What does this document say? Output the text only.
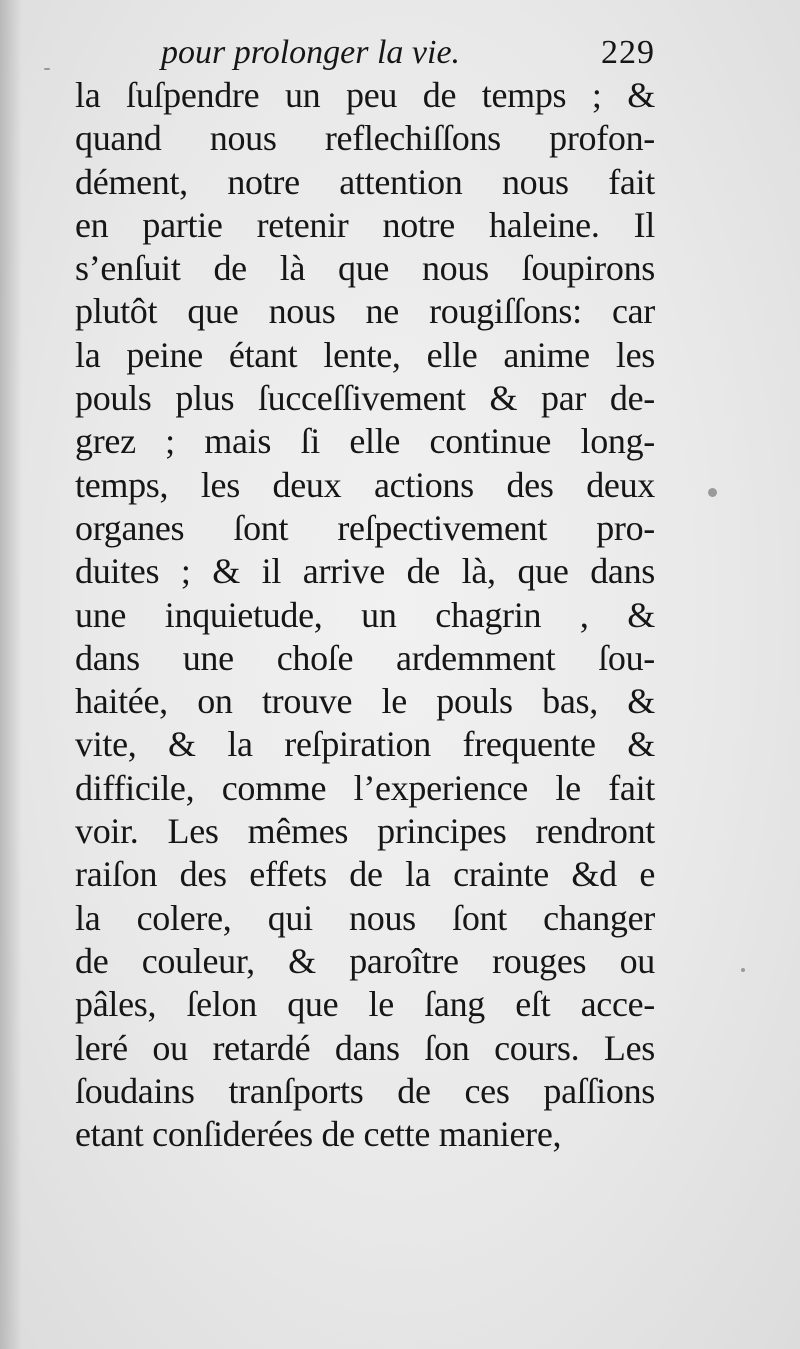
pour prolonger la vie.	229
la ſuſpendre un peu de temps ; &
quand nous reflechiſſons profon-
dément, notre attention nous fait
en partie retenir notre haleine. Il
s’enſuit de là que nous ſoupirons
plutôt que nous ne rougiſſons: car
la peine étant lente, elle anime les
pouls plus ſucceſſivement & par de-
grez ; mais ſi elle continue long-
temps, les deux actions des deux
organes ſont reſpectivement pro-
duites ; & il arrive de là, que dans
une inquietude, un chagrin , &
dans une choſe ardemment ſou-
haitée, on trouve le pouls bas, &
vite, & la reſpiration frequente &
difficile, comme l’experience le fait
voir. Les mêmes principes rendront
raiſon des effets de la crainte &d e
la colere, qui nous ſont changer
de couleur, & paroître rouges ou
pâles, ſelon que le ſang eſt acce-
leré ou retardé dans ſon cours. Les
ſoudains tranſports de ces paſſions
etant conſiderées de cette maniere,
